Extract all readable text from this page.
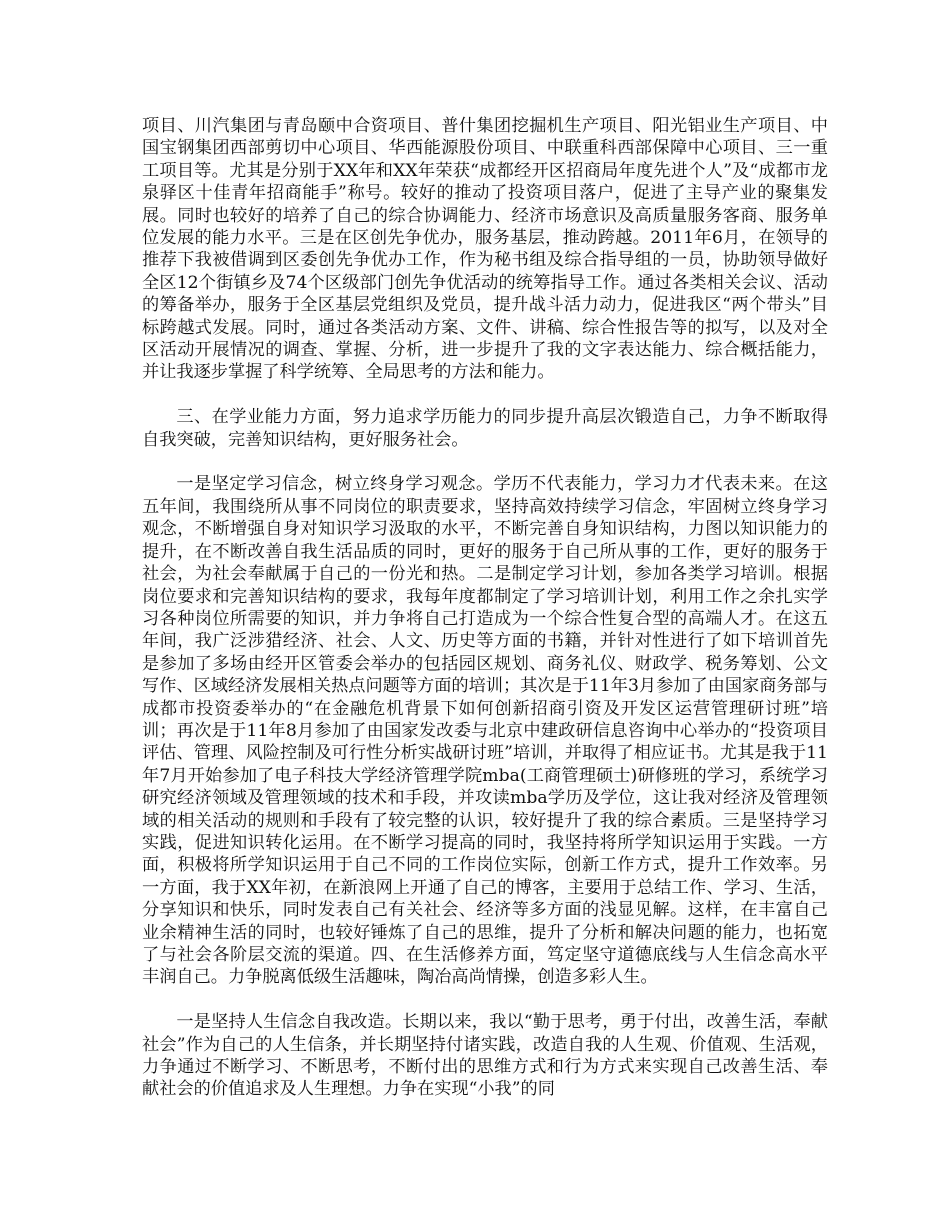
项目、川汽集团与青岛颐中合资项目、普什集团挖掘机生产项目、阳光铝业生产项目、中国宝钢集团西部剪切中心项目、华西能源股份项目、中联重科西部保障中心项目、三一重工项目等。尤其是分别于XX年和XX年荣获“成都经开区招商局年度先进个人”及“成都市龙泉驿区十佳青年招商能手”称号。较好的推动了投资项目落户，促进了主导产业的聚集发展。同时也较好的培养了自己的综合协调能力、经济市场意识及高质量服务客商、服务单位发展的能力水平。三是在区创先争优办，服务基层，推动跨越。2011年6月，在领导的推荐下我被借调到区委创先争优办工作，作为秘书组及综合指导组的一员，协助领导做好全区12个街镇乡及74个区级部门创先争优活动的统筹指导工作。通过各类相关会议、活动的筹备举办，服务于全区基层党组织及党员，提升战斗活力动力，促进我区“两个带头”目标跨越式发展。同时，通过各类活动方案、文件、讲稿、综合性报告等的拟写，以及对全区活动开展情况的调查、掌握、分析，进一步提升了我的文字表达能力、综合概括能力，并让我逐步掌握了科学统筹、全局思考的方法和能力。

三、在学业能力方面，努力追求学历能力的同步提升高层次锻造自己，力争不断取得自我突破，完善知识结构，更好服务社会。

一是坚定学习信念，树立终身学习观念。学历不代表能力，学习力才代表未来。在这五年间，我围绕所从事不同岗位的职责要求，坚持高效持续学习信念，牢固树立终身学习观念，不断增强自身对知识学习汲取的水平，不断完善自身知识结构，力图以知识能力的提升，在不断改善自我生活品质的同时，更好的服务于自己所从事的工作，更好的服务于社会，为社会奉献属于自己的一份光和热。二是制定学习计划，参加各类学习培训。根据岗位要求和完善知识结构的要求，我每年度都制定了学习培训计划，利用工作之余扎实学习各种岗位所需要的知识，并力争将自己打造成为一个综合性复合型的高端人才。在这五年间，我广泛涉猎经济、社会、人文、历史等方面的书籍，并针对性进行了如下培训首先是参加了多场由经开区管委会举办的包括园区规划、商务礼仪、财政学、税务筹划、公文写作、区域经济发展相关热点问题等方面的培训；其次是于11年3月参加了由国家商务部与成都市投资委举办的“在金融危机背景下如何创新招商引资及开发区运营管理研讨班”培训；再次是于11年8月参加了由国家发改委与北京中建政研信息咨询中心举办的“投资项目评估、管理、风险控制及可行性分析实战研讨班”培训，并取得了相应证书。尤其是我于11年7月开始参加了电子科技大学经济管理学院mba(工商管理硕士)研修班的学习，系统学习研究经济领域及管理领域的技术和手段，并攻读mba学历及学位，这让我对经济及管理领域的相关活动的规则和手段有了较完整的认识，较好提升了我的综合素质。三是坚持学习实践，促进知识转化运用。在不断学习提高的同时，我坚持将所学知识运用于实践。一方面，积极将所学知识运用于自己不同的工作岗位实际，创新工作方式，提升工作效率。另一方面，我于XX年初，在新浪网上开通了自己的博客，主要用于总结工作、学习、生活，分享知识和快乐，同时发表自己有关社会、经济等多方面的浅显见解。这样，在丰富自己业余精神生活的同时，也较好锤炼了自己的思维，提升了分析和解决问题的能力，也拓宽了与社会各阶层交流的渠道。四、在生活修养方面，笃定坚守道德底线与人生信念高水平丰润自己。力争脱离低级生活趣味，陶冶高尚情操，创造多彩人生。

一是坚持人生信念自我改造。长期以来，我以“勤于思考，勇于付出，改善生活，奉献社会”作为自己的人生信条，并长期坚持付诸实践，改造自我的人生观、价值观、生活观，力争通过不断学习、不断思考，不断付出的思维方式和行为方式来实现自己改善生活、奉献社会的价值追求及人生理想。力争在实现“小我”的同
